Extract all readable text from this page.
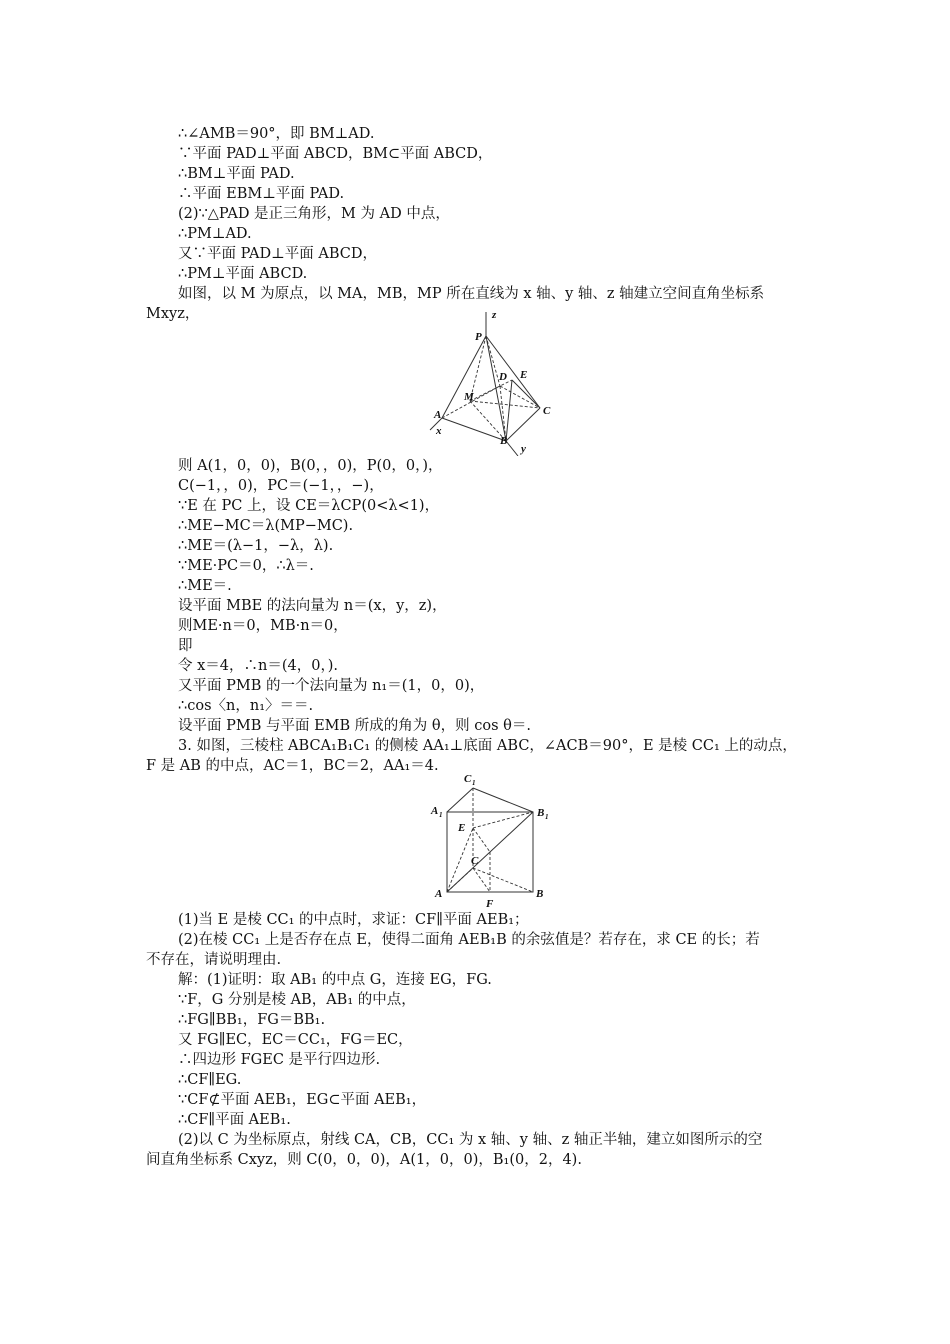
∴∠AMB＝90°，即 BM⊥AD.
∵平面 PAD⊥平面 ABCD，BM⊂平面 ABCD，
∴BM⊥平面 PAD.
∴平面 EBM⊥平面 PAD.
(2)∵△PAD 是正三角形，M 为 AD 中点，
∴PM⊥AD.
又∵平面 PAD⊥平面 ABCD，
∴PM⊥平面 ABCD.
如图，以 M 为原点，以 MA，MB，MP 所在直线为 x 轴、y 轴、z 轴建立空间直角坐标系
Mxyz，	z
P
D E
M
C
A
x
B
y
则 A(1，0，0)，B(0，，0)，P(0，0，)，
C(−1，，0)，PC＝(−1，，−)，
∵E 在 PC 上，设 CE＝λCP(0<λ<1)，
∴ME−MC＝λ(MP−MC).
∴ME＝(λ−1，−λ，λ).
∵ME·PC＝0，∴λ＝.
∴ME＝.
设平面 MBE 的法向量为 n＝(x，y，z)，
则ME·n＝0，MB·n＝0，
即
令 x＝4，∴n＝(4，0，).
又平面 PMB 的一个法向量为 n₁＝(1，0，0)，
∴cos〈n，n₁〉＝＝.
设平面 PMB 与平面 EMB 所成的角为 θ，则 cos θ＝.
3. 如图，三棱柱 ABCA₁B₁C₁ 的侧棱 AA₁⊥底面 ABC，∠ACB＝90°，E 是棱 CC₁ 上的动点，
F 是 AB 的中点，AC＝1，BC＝2，AA₁＝4.
C 1
A 1	B 1
E
C
A	B
F
(1)当 E 是棱 CC₁ 的中点时，求证：CF∥平面 AEB₁；
(2)在棱 CC₁ 上是否存在点 E，使得二面角 AEB₁B 的余弦值是？若存在，求 CE 的长；若
不存在，请说明理由.
解：(1)证明：取 AB₁ 的中点 G，连接 EG，FG.
∵F，G 分别是棱 AB，AB₁ 的中点，
∴FG∥BB₁，FG＝BB₁.
又 FG∥EC，EC＝CC₁，FG＝EC，
∴四边形 FGEC 是平行四边形.
∴CF∥EG.
∵CF⊄平面 AEB₁，EG⊂平面 AEB₁，
∴CF∥平面 AEB₁.
(2)以 C 为坐标原点，射线 CA，CB，CC₁ 为 x 轴、y 轴、z 轴正半轴，建立如图所示的空
间直角坐标系 Cxyz，则 C(0，0，0)，A(1，0，0)，B₁(0，2，4).
